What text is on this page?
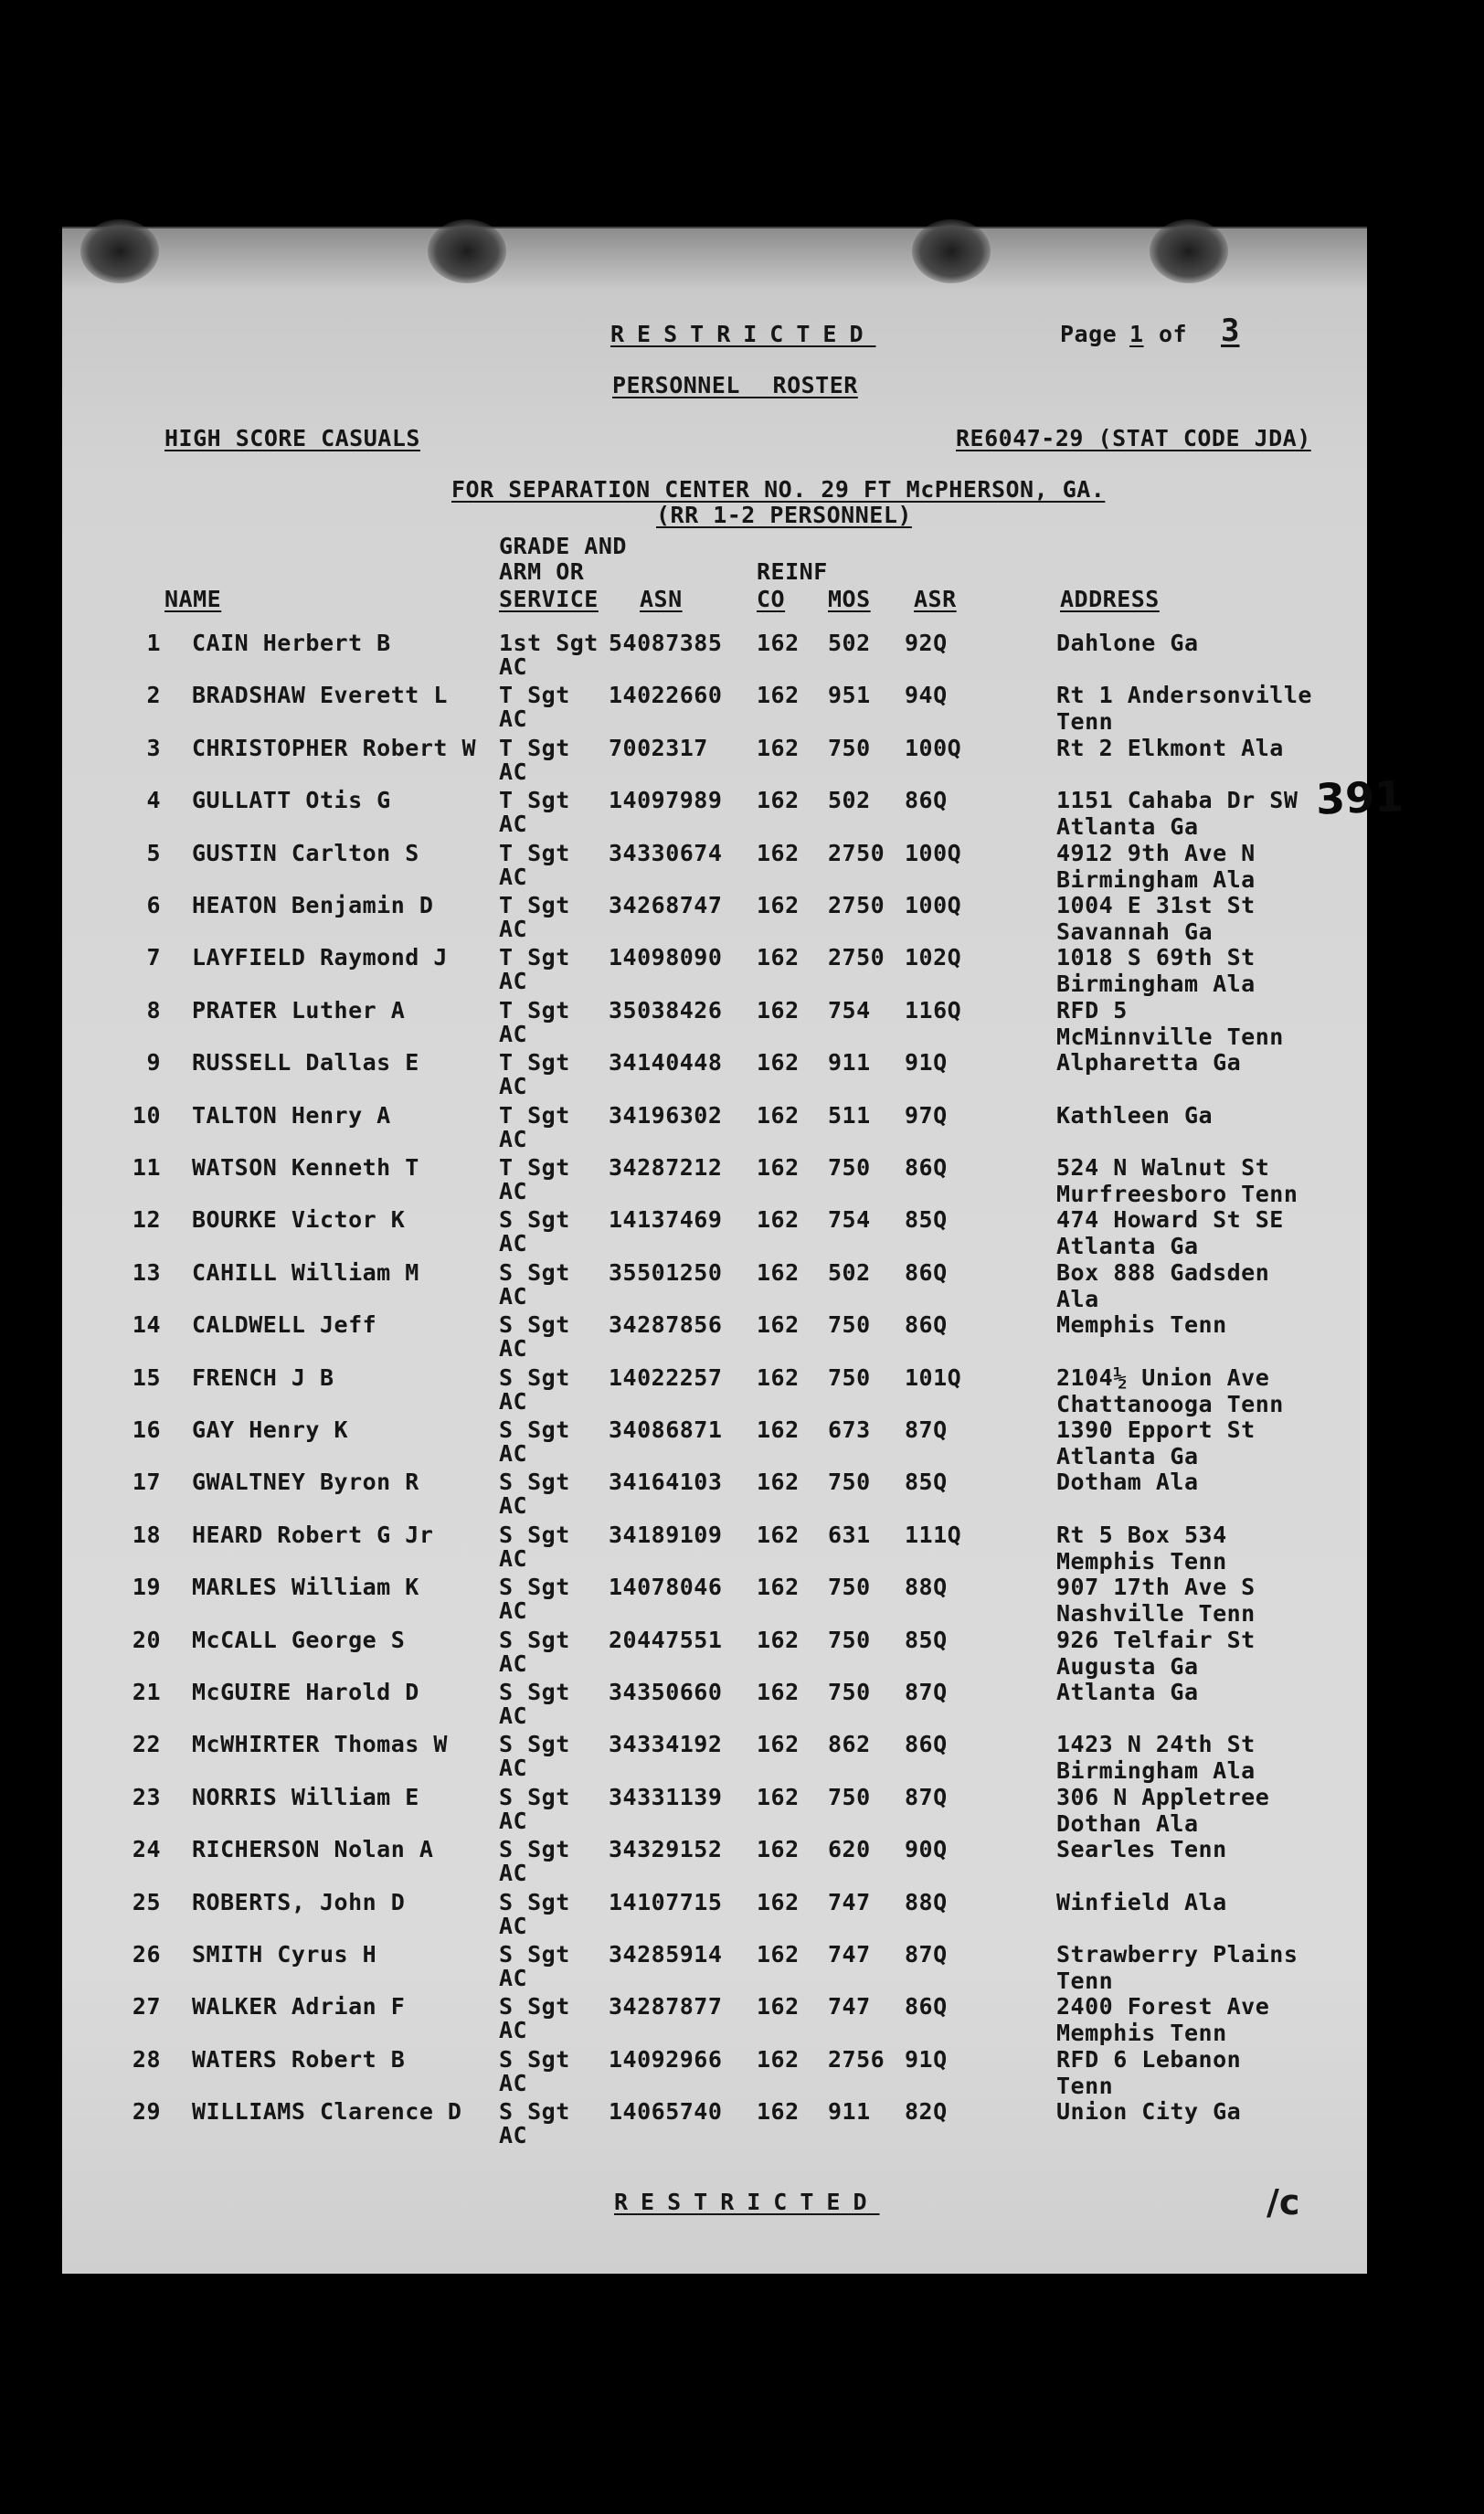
RESTRICTED	Page 1 of 3
PERSONNEL ROSTER
HIGH SCORE CASUALS	RE6047-29 (STAT CODE JDA)
FOR SEPARATION CENTER NO. 29 FT McPHERSON, GA.
(RR 1-2 PERSONNEL)
GRADE AND
ARM OR	REINF
NAME	SERVICE ASN	CO MOS ASR	ADDRESS
1 CAIN Herbert B	1st Sgt 54087385 162 502 92Q	Dahlone Ga
AC
2 BRADSHAW Everett L T Sgt 14022660 162 951 94Q	Rt 1 Andersonville
AC	Tenn
3 CHRISTOPHER Robert W T Sgt 7002317 162 750 100Q	Rt 2 Elkmont Ala
AC
4 GULLATT Otis G	T Sgt 14097989 162 502 86Q	1151 Cahaba Dr SW
AC	Atlanta Ga
5 GUSTIN Carlton S	T Sgt 34330674 162 2750 100Q	4912 9th Ave N
AC	Birmingham Ala
6 HEATON Benjamin D	T Sgt 34268747 162 2750 100Q	1004 E 31st St
AC	Savannah Ga
7 LAYFIELD Raymond J T Sgt 14098090 162 2750 102Q	1018 S 69th St
AC	Birmingham Ala
8 PRATER Luther A	T Sgt 35038426 162 754 116Q	RFD 5
AC	McMinnville Tenn
9 RUSSELL Dallas E	T Sgt 34140448 162 911 91Q	Alpharetta Ga
AC
10 TALTON Henry A	T Sgt 34196302 162 511 97Q	Kathleen Ga
AC
11 WATSON Kenneth T	T Sgt 34287212 162 750 86Q	524 N Walnut St
AC	Murfreesboro Tenn
12 BOURKE Victor K	S Sgt 14137469 162 754 85Q	474 Howard St SE
AC	Atlanta Ga
13 CAHILL William M	S Sgt 35501250 162 502 86Q	Box 888 Gadsden
AC	Ala
14 CALDWELL Jeff	S Sgt 34287856 162 750 86Q	Memphis Tenn
AC
15 FRENCH J B	S Sgt 14022257 162 750 101Q	2104½ Union Ave
AC	Chattanooga Tenn
16 GAY Henry K	S Sgt 34086871 162 673 87Q	1390 Epport St
AC	Atlanta Ga
17 GWALTNEY Byron R	S Sgt 34164103 162 750 85Q	Dotham Ala
AC
18 HEARD Robert G Jr	S Sgt 34189109 162 631 111Q	Rt 5 Box 534
AC	Memphis Tenn
19 MARLES William K	S Sgt 14078046 162 750 88Q	907 17th Ave S
AC	Nashville Tenn
20 McCALL George S	S Sgt 20447551 162 750 85Q	926 Telfair St
AC	Augusta Ga
21 McGUIRE Harold D	S Sgt 34350660 162 750 87Q	Atlanta Ga
AC
22 McWHIRTER Thomas W S Sgt 34334192 162 862 86Q	1423 N 24th St
AC	Birmingham Ala
23 NORRIS William E	S Sgt 34331139 162 750 87Q	306 N Appletree
AC	Dothan Ala
24 RICHERSON Nolan A	S Sgt 34329152 162 620 90Q	Searles Tenn
AC
25 ROBERTS, John D	S Sgt 14107715 162 747 88Q	Winfield Ala
AC
26 SMITH Cyrus H	S Sgt 34285914 162 747 87Q	Strawberry Plains
AC	Tenn
27 WALKER Adrian F	S Sgt 34287877 162 747 86Q	2400 Forest Ave
AC	Memphis Tenn
28 WATERS Robert B	S Sgt 14092966 162 2756 91Q	RFD 6 Lebanon
AC	Tenn
29 WILLIAMS Clarence D S Sgt 14065740 162 911 82Q	Union City Ga
AC
391
RESTRICTED	/c
